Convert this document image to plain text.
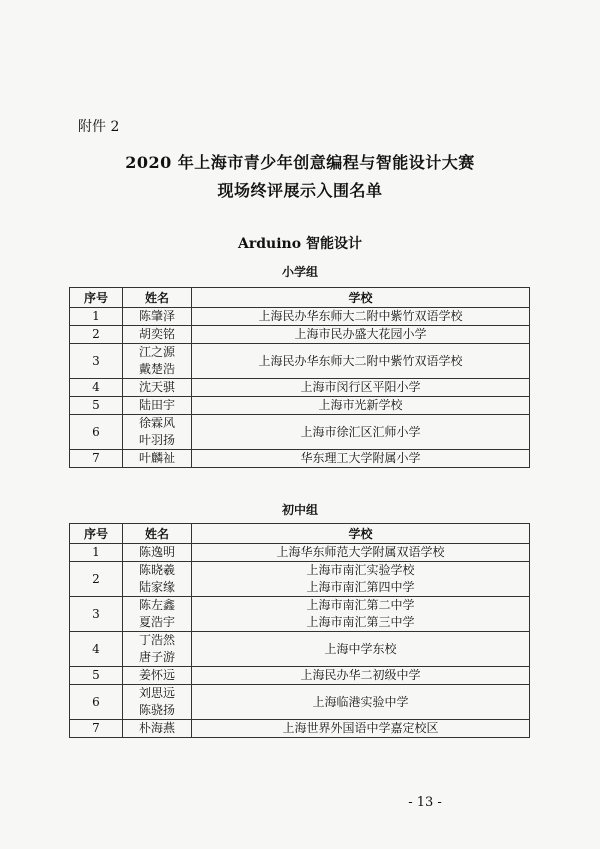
附件 2
2020 年上海市青少年创意编程与智能设计大赛
现场终评展示入围名单
Arduino 智能设计
小学组
序号	姓名	学校
1	陈肇泽	上海民办华东师大二附中紫竹双语学校

2	胡奕铭	上海市民办盛大花园小学

3	江之源
戴楚浩	上海民办华东师大二附中紫竹双语学校

4	沈天骐	上海市闵行区平阳小学

5	陆田宇	上海市光新学校

6	徐霖风
叶羽扬	上海市徐汇区汇师小学

7	叶麟祉	华东理工大学附属小学
初中组
序号	姓名	学校
1	陈逸明	上海华东师范大学附属双语学校

2	陈晓羲
陆家缘	上海市南汇实验学校
上海市南汇第四中学

3	陈左鑫
夏浩宇	上海市南汇第二中学
上海市南汇第三中学

4	丁浩然
唐子游	上海中学东校

5	姜怀远	上海民办华二初级中学

6	刘思远
陈骁扬	上海临港实验中学

7	朴海燕	上海世界外国语中学嘉定校区
- 13 -
